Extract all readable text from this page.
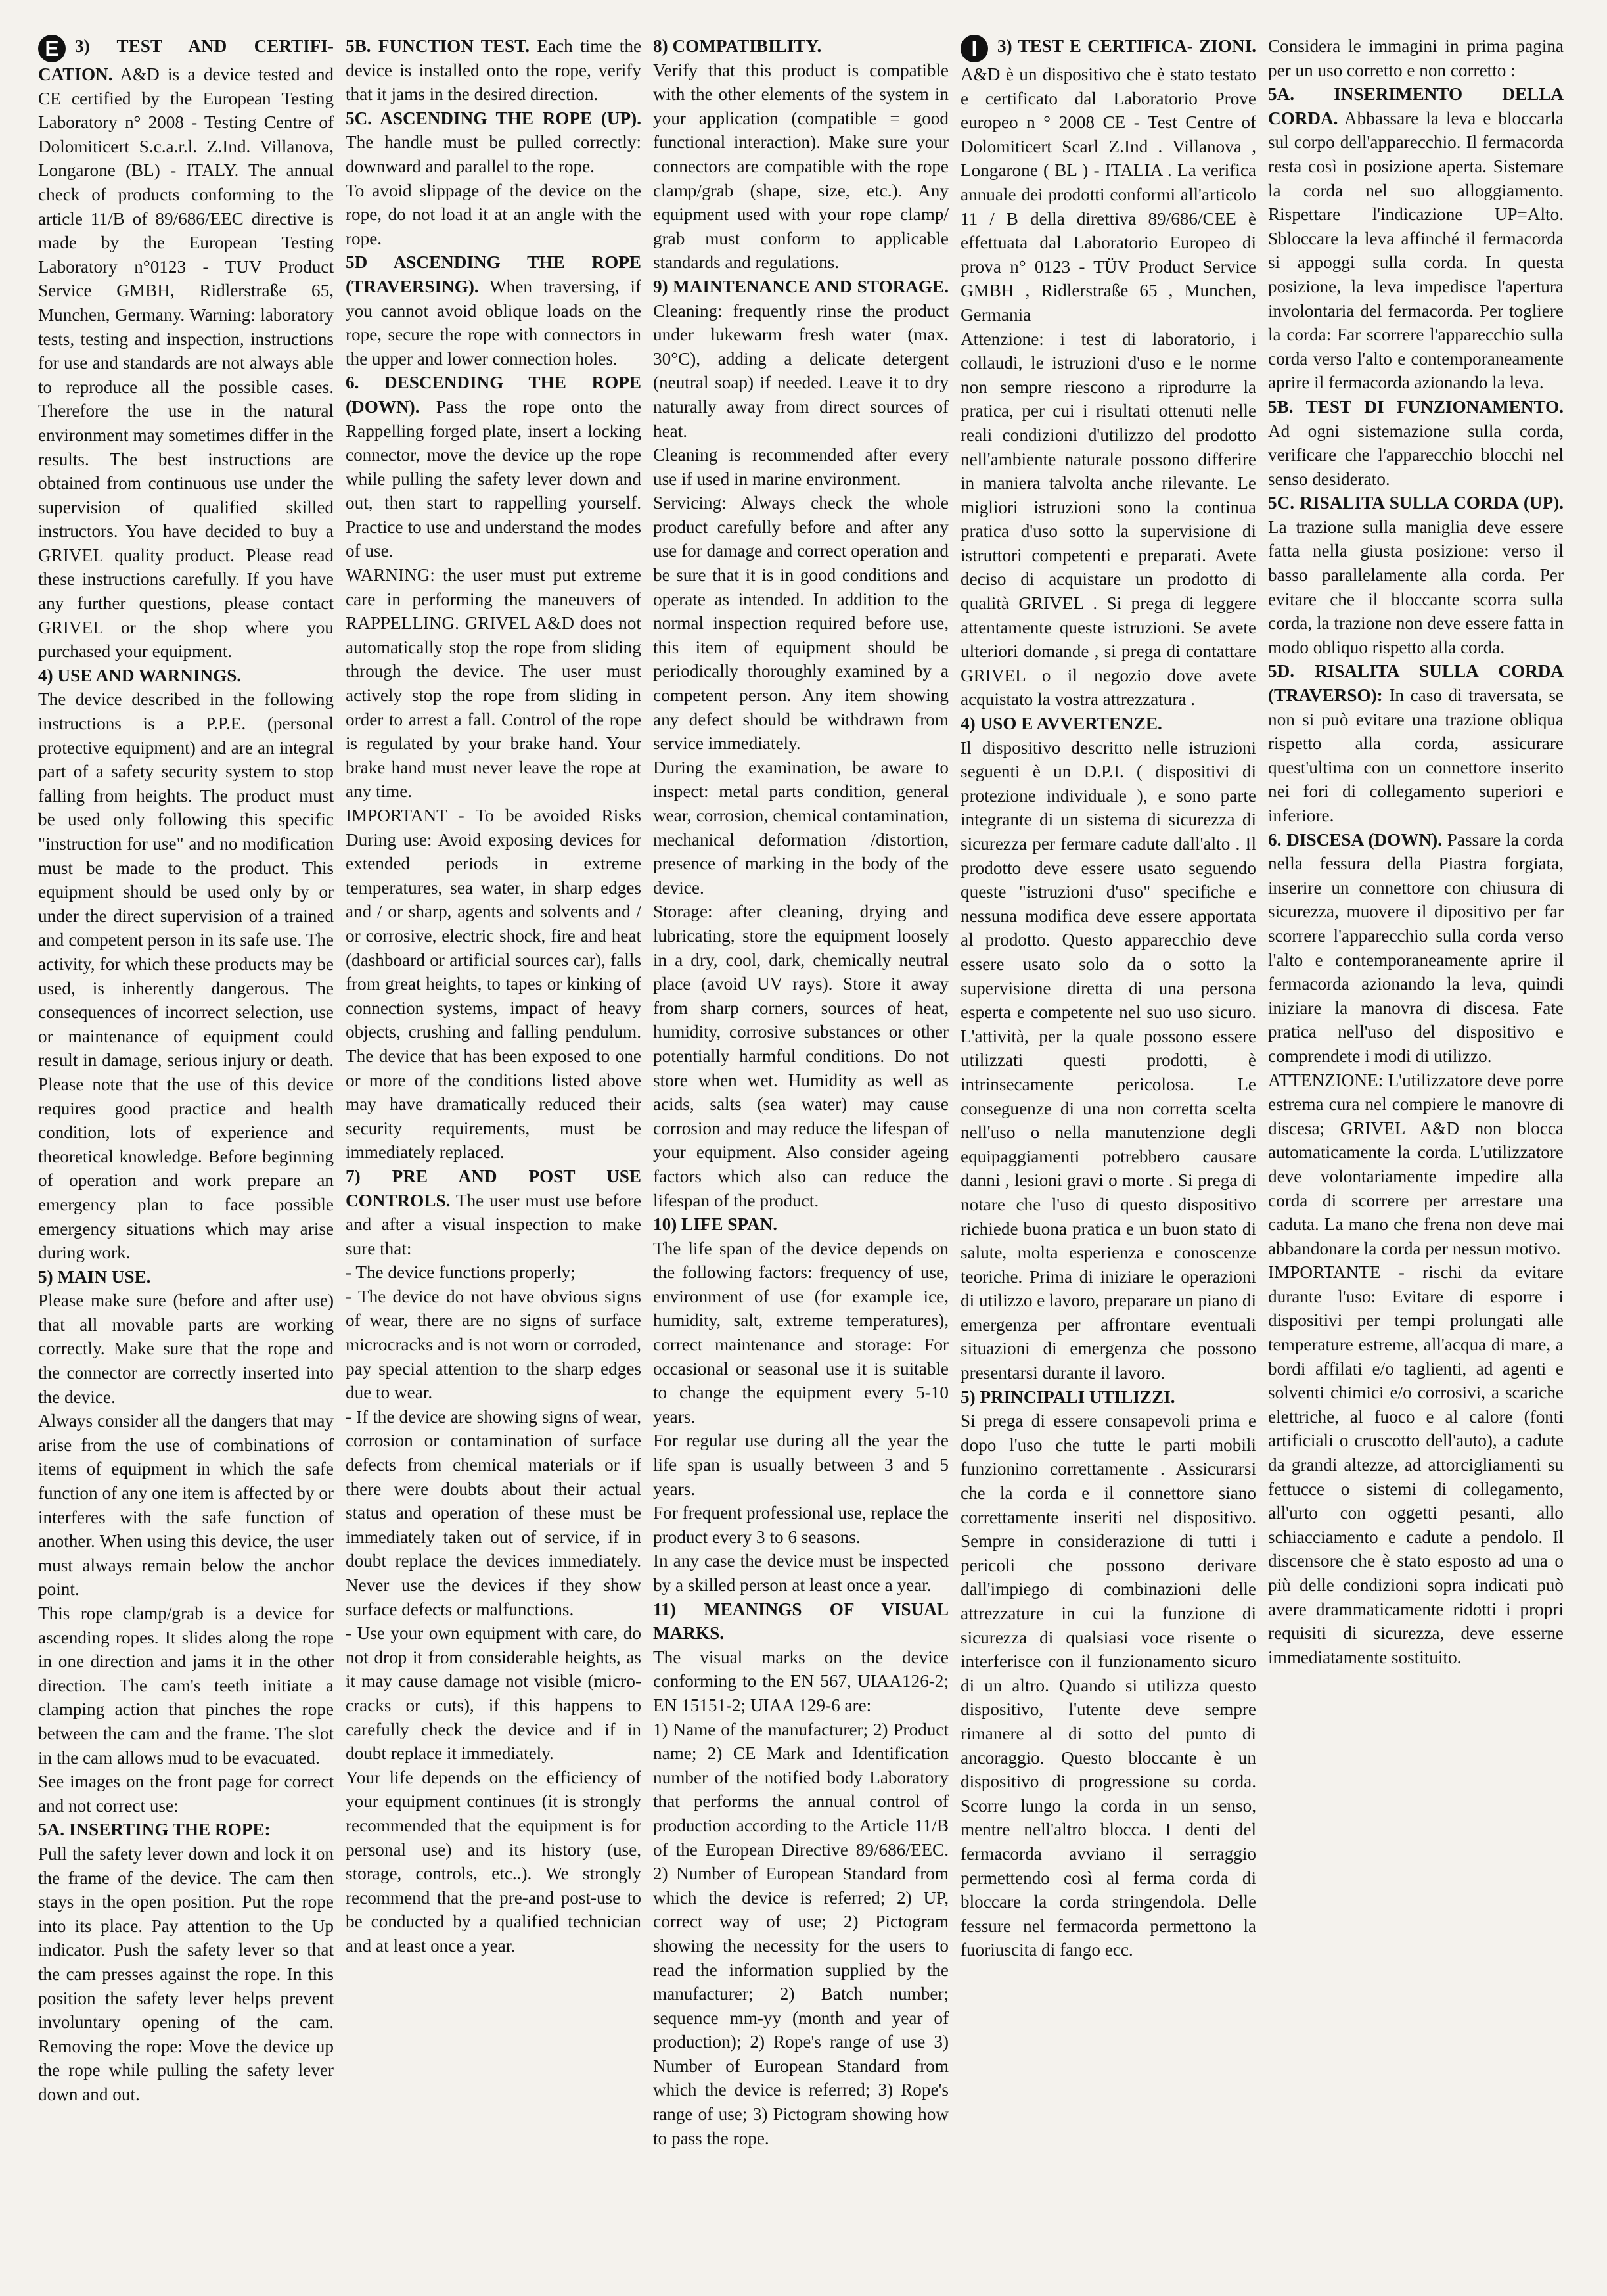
E 3) TEST AND CERTIFI- CATION. A&D is a device tested and CE certified by the European Testing Laboratory n° 2008 - Testing Centre of Dolomiticert S.c.a.r.l. Z.Ind. Villanova, Longarone (BL) - ITALY. The annual check of products conforming to the article 11/B of 89/686/EEC directive is made by the European Testing Laboratory n°0123 - TUV Product Service GMBH, Ridlerstraße 65, Munchen, Germany. Warning: laboratory tests, testing and inspection, instructions for use and standards are not always able to reproduce all the possible cases. Therefore the use in the natural environment may sometimes differ in the results. The best instructions are obtained from continuous use under the supervision of qualified skilled instructors. You have decided to buy a GRIVEL quality product. Please read these instructions carefully. If you have any further questions, please contact GRIVEL or the shop where you purchased your equipment.

4) USE AND WARNINGS.

The device described in the following instructions is a P.P.E. (personal protective equipment) and are an integral part of a safety security system to stop falling from heights. The product must be used only following this specific "instruction for use" and no modification must be made to the product. This equipment should be used only by or under the direct supervision of a trained and competent person in its safe use. The activity, for which these products may be used, is inherently dangerous. The consequences of incorrect selection, use or maintenance of equipment could result in damage, serious injury or death. Please note that the use of this device requires good practice and health condition, lots of experience and theoretical knowledge. Before beginning of operation and work prepare an emergency plan to face possible emergency situations which may arise during work.

5) MAIN USE.

Please make sure (before and after use) that all movable parts are working correctly. Make sure that the rope and the connector are correctly inserted into the device.

Always consider all the dangers that may arise from the use of combinations of items of equipment in which the safe function of any one item is affected by or interferes with the safe function of another. When using this device, the user must always remain below the anchor point.

This rope clamp/grab is a device for ascending ropes. It slides along the rope in one direction and jams it in the other direction. The cam's teeth initiate a clamping action that pinches the rope between the cam and the frame. The slot in the cam allows mud to be evacuated.

See images on the front page for correct and not correct use:

5A. INSERTING THE ROPE:

Pull the safety lever down and lock it on the frame of the device. The cam then stays in the open position. Put the rope into its place. Pay attention to the Up indicator. Push the safety lever so that the cam presses against the rope. In this position the safety lever helps prevent involuntary opening of the cam. Removing the rope: Move the device up the rope while pulling the safety lever down and out.

5B. FUNCTION TEST. Each time the device is installed onto the rope, verify that it jams in the desired direction.

5C. ASCENDING THE ROPE (UP). The handle must be pulled correctly: downward and parallel to the rope.

To avoid slippage of the device on the rope, do not load it at an angle with the rope.

5D ASCENDING THE ROPE (TRAVERSING). When traversing, if you cannot avoid oblique loads on the rope, secure the rope with connectors in the upper and lower connection holes.

6. DESCENDING THE ROPE (DOWN). Pass the rope onto the Rappelling forged plate, insert a locking connector, move the device up the rope while pulling the safety lever down and out, then start to rappelling yourself. Practice to use and understand the modes of use.

WARNING: the user must put extreme care in performing the maneuvers of RAPPELLING. GRIVEL A&D does not automatically stop the rope from sliding through the device. The user must actively stop the rope from sliding in order to arrest a fall. Control of the rope is regulated by your brake hand. Your brake hand must never leave the rope at any time.

IMPORTANT - To be avoided Risks During use: Avoid exposing devices for extended periods in extreme temperatures, sea water, in sharp edges and / or sharp, agents and solvents and / or corrosive, electric shock, fire and heat (dashboard or artificial sources car), falls from great heights, to tapes or kinking of connection systems, impact of heavy objects, crushing and falling pendulum. The device that has been exposed to one or more of the conditions listed above may have dramatically reduced their security requirements, must be immediately replaced.

7) PRE AND POST USE CONTROLS. The user must use before and after a visual inspection to make sure that:

- The device functions properly;

- The device do not have obvious signs of wear, there are no signs of surface microcracks and is not worn or corroded, pay special attention to the sharp edges due to wear.

- If the device are showing signs of wear, corrosion or contamination of surface defects from chemical materials or if there were doubts about their actual status and operation of these must be immediately taken out of service, if in doubt replace the devices immediately. Never use the devices if they show surface defects or malfunctions.

- Use your own equipment with care, do not drop it from considerable heights, as it may cause damage not visible (micro-cracks or cuts), if this happens to carefully check the device and if in doubt replace it immediately.

Your life depends on the efficiency of your equipment continues (it is strongly recommended that the equipment is for personal use) and its history (use, storage, controls, etc..). We strongly recommend that the pre-and post-use to be conducted by a qualified technician and at least once a year.

8) COMPATIBILITY.

Verify that this product is compatible with the other elements of the system in your application (compatible = good functional interaction). Make sure your connectors are compatible with the rope clamp/grab (shape, size, etc.). Any equipment used with your rope clamp/ grab must conform to applicable standards and regulations.

9) MAINTENANCE AND STORAGE. Cleaning: frequently rinse the product under lukewarm fresh water (max. 30°C), adding a delicate detergent (neutral soap) if needed. Leave it to dry naturally away from direct sources of heat.

Cleaning is recommended after every use if used in marine environment.

Servicing: Always check the whole product carefully before and after any use for damage and correct operation and be sure that it is in good conditions and operate as intended. In addition to the normal inspection required before use, this item of equipment should be periodically thoroughly examined by a competent person. Any item showing any defect should be withdrawn from service immediately.

During the examination, be aware to inspect: metal parts condition, general wear, corrosion, chemical contamination, mechanical deformation /distortion, presence of marking in the body of the device.

Storage: after cleaning, drying and lubricating, store the equipment loosely in a dry, cool, dark, chemically neutral place (avoid UV rays). Store it away from sharp corners, sources of heat, humidity, corrosive substances or other potentially harmful conditions. Do not store when wet. Humidity as well as acids, salts (sea water) may cause corrosion and may reduce the lifespan of your equipment. Also consider ageing factors which also can reduce the lifespan of the product.

10) LIFE SPAN.

The life span of the device depends on the following factors: frequency of use, environment of use (for example ice, humidity, salt, extreme temperatures), correct maintenance and storage: For occasional or seasonal use it is suitable to change the equipment every 5-10 years.

For regular use during all the year the life span is usually between 3 and 5 years.

For frequent professional use, replace the product every 3 to 6 seasons.

In any case the device must be inspected by a skilled person at least once a year.

11) MEANINGS OF VISUAL MARKS.

The visual marks on the device conforming to the EN 567, UIAA126-2; EN 15151-2; UIAA 129-6 are:

1) Name of the manufacturer; 2) Product name; 2) CE Mark and Identification number of the notified body Laboratory that performs the annual control of production according to the Article 11/B of the European Directive 89/686/EEC. 2) Number of European Standard from which the device is referred; 2) UP, correct way of use; 2) Pictogram showing the necessity for the users to read the information supplied by the manufacturer; 2) Batch number; sequence mm-yy (month and year of production); 2) Rope's range of use 3) Number of European Standard from which the device is referred; 3) Rope's range of use; 3) Pictogram showing how to pass the rope.

I 3) TEST E CERTIFICA- ZIONI. A&D è un dispositivo che è stato testato e certificato dal Laboratorio Prove europeo n ° 2008 CE - Test Centre of Dolomiticert Scarl Z.Ind . Villanova , Longarone ( BL ) - ITALIA . La verifica annuale dei prodotti conformi all'articolo 11 / B della direttiva 89/686/CEE è effettuata dal Laboratorio Europeo di prova n° 0123 - TÜV Product Service GMBH , Ridlerstraße 65 , Munchen, Germania

Attenzione: i test di laboratorio, i collaudi, le istruzioni d'uso e le norme non sempre riescono a riprodurre la pratica, per cui i risultati ottenuti nelle reali condizioni d'utilizzo del prodotto nell'ambiente naturale possono differire in maniera talvolta anche rilevante. Le migliori istruzioni sono la continua pratica d'uso sotto la supervisione di istruttori competenti e preparati. Avete deciso di acquistare un prodotto di qualità GRIVEL . Si prega di leggere attentamente queste istruzioni. Se avete ulteriori domande , si prega di contattare GRIVEL o il negozio dove avete acquistato la vostra attrezzatura .

4) USO E AVVERTENZE.

Il dispositivo descritto nelle istruzioni seguenti è un D.P.I. ( dispositivi di protezione individuale ), e sono parte integrante di un sistema di sicurezza di sicurezza per fermare cadute dall'alto . Il prodotto deve essere usato seguendo queste "istruzioni d'uso" specifiche e nessuna modifica deve essere apportata al prodotto. Questo apparecchio deve essere usato solo da o sotto la supervisione diretta di una persona esperta e competente nel suo uso sicuro. L'attività, per la quale possono essere utilizzati questi prodotti, è intrinsecamente pericolosa. Le conseguenze di una non corretta scelta nell'uso o nella manutenzione degli equipaggiamenti potrebbero causare danni , lesioni gravi o morte . Si prega di notare che l'uso di questo dispositivo richiede buona pratica e un buon stato di salute, molta esperienza e conoscenze teoriche. Prima di iniziare le operazioni di utilizzo e lavoro, preparare un piano di emergenza per affrontare eventuali situazioni di emergenza che possono presentarsi durante il lavoro.

5) PRINCIPALI UTILIZZI.

Si prega di essere consapevoli prima e dopo l'uso che tutte le parti mobili funzionino correttamente . Assicurarsi che la corda e il connettore siano correttamente inseriti nel dispositivo. Sempre in considerazione di tutti i pericoli che possono derivare dall'impiego di combinazioni delle attrezzature in cui la funzione di sicurezza di qualsiasi voce risente o interferisce con il funzionamento sicuro di un altro. Quando si utilizza questo dispositivo, l'utente deve sempre rimanere al di sotto del punto di ancoraggio. Questo bloccante è un dispositivo di progressione su corda. Scorre lungo la corda in un senso, mentre nell'altro blocca. I denti del fermacorda avviano il serraggio permettendo così al ferma corda di bloccare la corda stringendola. Delle fessure nel fermacorda permettono la fuoriuscita di fango ecc.

Considera le immagini in prima pagina per un uso corretto e non corretto :

5A. INSERIMENTO DELLA CORDA. Abbassare la leva e bloccarla sul corpo dell'apparecchio. Il fermacorda resta così in posizione aperta. Sistemare la corda nel suo alloggiamento. Rispettare l'indicazione UP=Alto. Sbloccare la leva affinché il fermacorda si appoggi sulla corda. In questa posizione, la leva impedisce l'apertura involontaria del fermacorda. Per togliere la corda: Far scorrere l'apparecchio sulla corda verso l'alto e contemporaneamente aprire il fermacorda azionando la leva.

5B. TEST DI FUNZIONAMENTO. Ad ogni sistemazione sulla corda, verificare che l'apparecchio blocchi nel senso desiderato.

5C. RISALITA SULLA CORDA (UP). La trazione sulla maniglia deve essere fatta nella giusta posizione: verso il basso parallelamente alla corda. Per evitare che il bloccante scorra sulla corda, la trazione non deve essere fatta in modo obliquo rispetto alla corda.

5D. RISALITA SULLA CORDA (TRAVERSO): In caso di traversata, se non si può evitare una trazione obliqua rispetto alla corda, assicurare quest'ultima con un connettore inserito nei fori di collegamento superiori e inferiore.

6. DISCESA (DOWN). Passare la corda nella fessura della Piastra forgiata, inserire un connettore con chiusura di sicurezza, muovere il dipositivo per far scorrere l'apparecchio sulla corda verso l'alto e contemporaneamente aprire il fermacorda azionando la leva, quindi iniziare la manovra di discesa. Fate pratica nell'uso del dispositivo e comprendete i modi di utilizzo.

ATTENZIONE: L'utilizzatore deve porre estrema cura nel compiere le manovre di discesa; GRIVEL A&D non blocca automaticamente la corda. L'utilizzatore deve volontariamente impedire alla corda di scorrere per arrestare una caduta. La mano che frena non deve mai abbandonare la corda per nessun motivo.

IMPORTANTE - rischi da evitare durante l'uso: Evitare di esporre i dispositivi per tempi prolungati alle temperature estreme, all'acqua di mare, a bordi affilati e/o taglienti, ad agenti e solventi chimici e/o corrosivi, a scariche elettriche, al fuoco e al calore (fonti artificiali o cruscotto dell'auto), a cadute da grandi altezze, ad attorcigliamenti su fettucce o sistemi di collegamento, all'urto con oggetti pesanti, allo schiacciamento e cadute a pendolo. Il discensore che è stato esposto ad una o più delle condizioni sopra indicati può avere drammaticamente ridotti i propri requisiti di sicurezza, deve esserne immediatamente sostituito.
